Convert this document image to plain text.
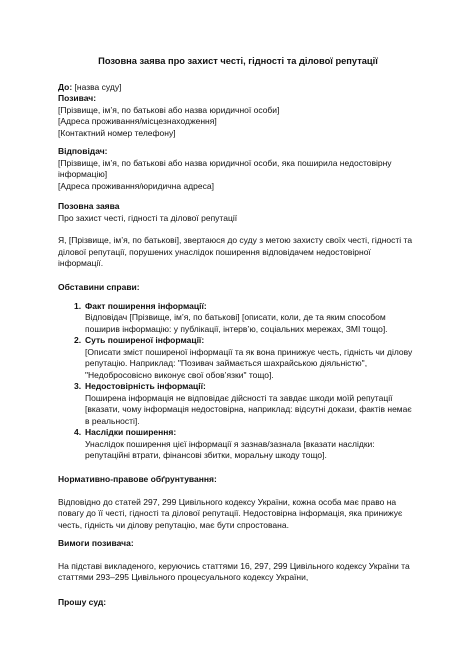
Позовна заява про захист честі, гідності та ділової репутації
До: [назва суду]

Позивач:

[Прізвище, ім’я, по батькові або назва юридичної особи]

[Адреса проживання/місцезнаходження]

[Контактний номер телефону]

Відповідач:

[Прізвище, ім’я, по батькові або назва юридичної особи, яка поширила недостовірну інформацію]

[Адреса проживання/юридична адреса]

Позовна заява

Про захист честі, гідності та ділової репутації

Я, [Прізвище, ім’я, по батькові], звертаюся до суду з метою захисту своїх честі, гідності та ділової репутації, порушених унаслідок поширення відповідачем недостовірної інформації.

Обставини справи:

1. Факт поширення інформації:

Відповідач [Прізвище, ім’я, по батькові] [описати, коли, де та яким способом поширив інформацію: у публікації, інтерв’ю, соціальних мережах, ЗМІ тощо].

2. Суть поширеної інформації:

[Описати зміст поширеної інформації та як вона принижує честь, гідність чи ділову репутацію. Наприклад: "Позивач займається шахрайською діяльністю", "Недобросовісно виконує свої обов’язки" тощо].

3. Недостовірність інформації:

Поширена інформація не відповідає дійсності та завдає шкоди моїй репутації [вказати, чому інформація недостовірна, наприклад: відсутні докази, фактів немає в реальності].

4. Наслідки поширення:

Унаслідок поширення цієї інформації я зазнав/зазнала [вказати наслідки: репутаційні втрати, фінансові збитки, моральну шкоду тощо].

Нормативно-правове обґрунтування:

Відповідно до статей 297, 299 Цивільного кодексу України, кожна особа має право на повагу до її честі, гідності та ділової репутації. Недостовірна інформація, яка принижує честь, гідність чи ділову репутацію, має бути спростована.

Вимоги позивача:

На підставі викладеного, керуючись статтями 16, 297, 299 Цивільного кодексу України та статтями 293–295 Цивільного процесуального кодексу України,

Прошу суд:
